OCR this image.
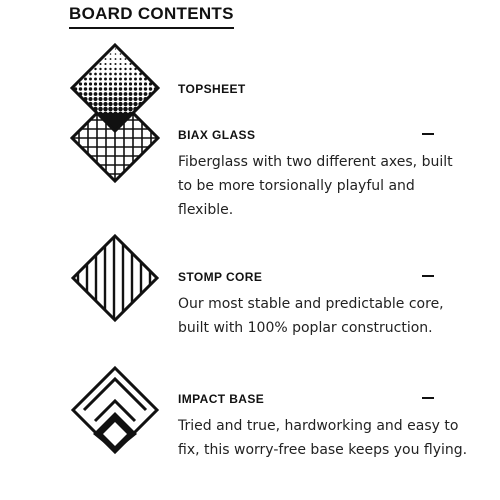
BOARD CONTENTS
TOPSHEET
BIAX GLASS
Fiberglass with two different axes, built to be more torsionally playful and flexible.
STOMP CORE
Our most stable and predictable core, built with 100% poplar construction.
IMPACT BASE
Tried and true, hardworking and easy to fix, this worry-free base keeps you flying.
